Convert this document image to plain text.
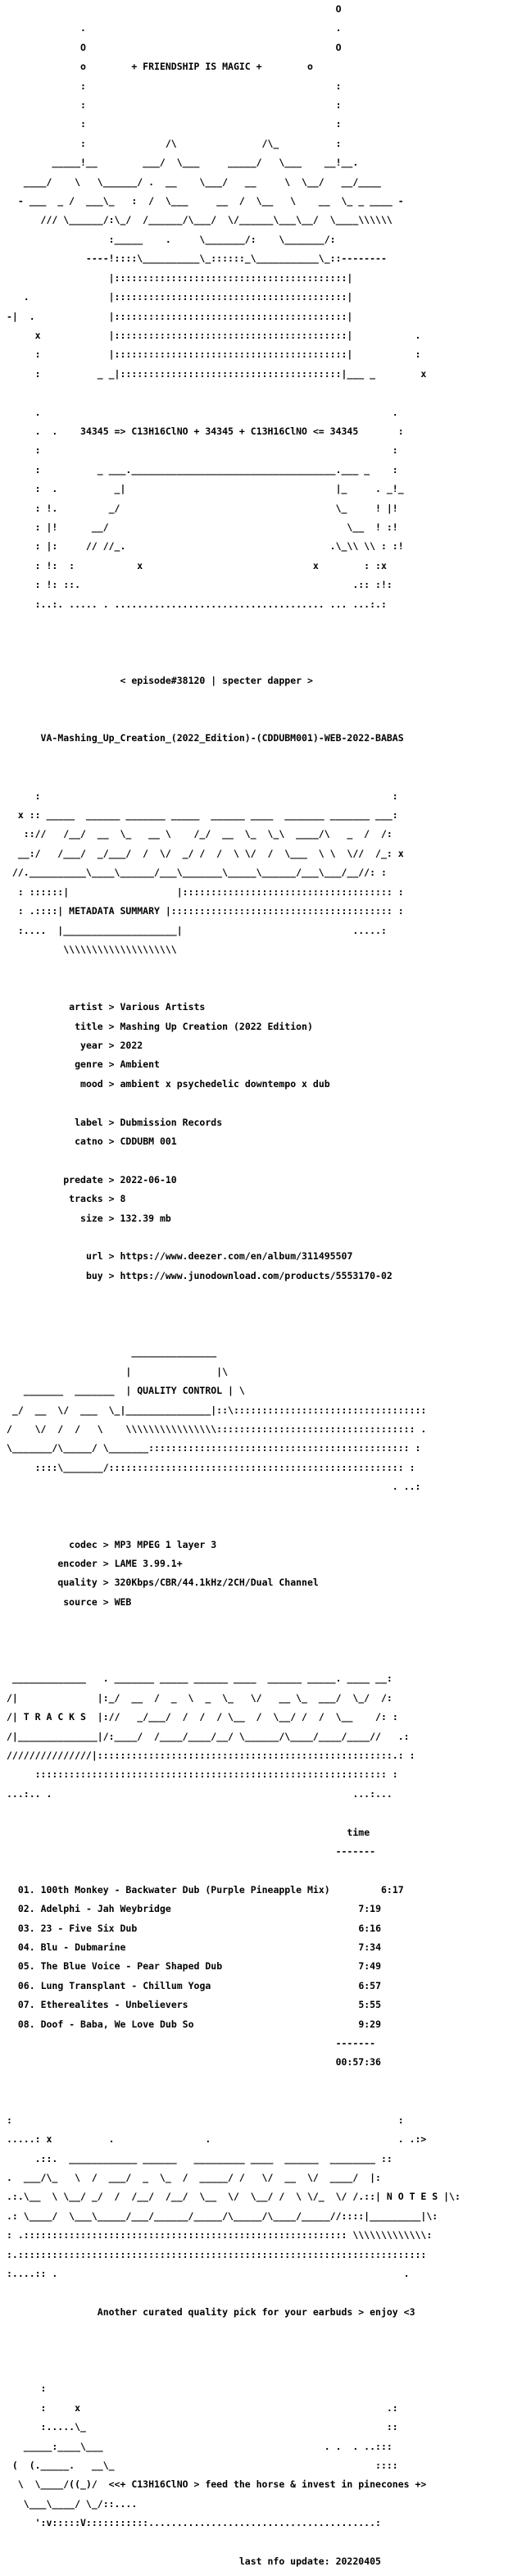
O

.                                            .

O                                            O

o        + FRIENDSHIP IS MAGIC +        o

:                                            :

:                                            :

:                                            :

:              /\               /\_          :

_____!__        ___/  \___     _____/   \___    __!__.

____/    \   \______/ .  __    \___/   __     \  \__/   __/____

- ___  _ /  ___\_   :  /  \___     __  /  \__   \    __  \_ _ ____ -

/// \______/:\_/  /______/\___/  \/______\___\__/  \____\\\\\\

:_____    .     \_______/:    \_______/:

----!::::\__________\_::::::_\___________\_::--------

|:::::::::::::::::::::::::::::::::::::::::|

.              |:::::::::::::::::::::::::::::::::::::::::|

-|  .             |:::::::::::::::::::::::::::::::::::::::::|

x            |:::::::::::::::::::::::::::::::::::::::::|           .

:            |:::::::::::::::::::::::::::::::::::::::::|           :

:          _ _|:::::::::::::::::::::::::::::::::::::::|___ _        x

.                                                              .

.  .    34345 => C13H16ClNO + 34345 + C13H16ClNO <= 34345       :

:                                                              :

:          _ ___.____________________________________.___ _    :

:  .          _|                                     |_     . _!_

: !.         _/                                      \_     ! |!

: |!      __/                                          \__  ! :!

: |:     // //_.                                    .\_\\ \\ : :!

: !:  :           x                              x        : :x

: !: ::.                                                .:: :!:

:..:. ..... . ..................................... ... ...:.:

< episode#38120 | specter dapper >

VA-Mashing_Up_Creation_(2022_Edition)-(CDDUBM001)-WEB-2022-BABAS

:                                                              :

x :: _____  ______ _______ _____  ______ ____  _______ _______ ___:

:://   /__/  __  \_   __ \    /_/  __  \_  \_\  ____/\   _  /  /:

__:/   /___/  _/___/  /  \/  _/ /  /  \ \/  /  \___  \ \  \//  /_: x

//.__________\____\______/___\_______\_____\______/___\___/__//: :

: ::::::|                   |::::::::::::::::::::::::::::::::::::: :

: .::::| METADATA SUMMARY |::::::::::::::::::::::::::::::::::::::: :

:....  |____________________|                              .....:

\\\\\\\\\\\\\\\\\\\\

artist > Various Artists

title > Mashing Up Creation (2022 Edition)

year > 2022

genre > Ambient

mood > ambient x psychedelic downtempo x dub

label > Dubmission Records

catno > CDDUBM 001

predate > 2022-06-10

tracks > 8

size > 132.39 mb

url > https://www.deezer.com/en/album/311495507

buy > https://www.junodownload.com/products/5553170-02

_______________

|               |\

_______  _______  | QUALITY CONTROL | \

_/  __  \/  ___  \_|_______________|::\::::::::::::::::::::::::::::::::::

/    \/  /  /   \    \\\\\\\\\\\\\\\\::::::::::::::::::::::::::::::::::: .

\_______/\_____/ \_______:::::::::::::::::::::::::::::::::::::::::::::: :

::::\_______/:::::::::::::::::::::::::::::::::::::::::::::::::::: :

. ..:

codec > MP3 MPEG 1 layer 3

encoder > LAME 3.99.1+

quality > 320Kbps/CBR/44.1kHz/2CH/Dual Channel

source > WEB

_____________   . _______ _____ ______ ____  ______ _____. ____ __:

/|              |:_/  __  /  _  \  _  \_   \/   __ \_  ___/  \_/  /:

/| T R A C K S  |://   _/___/  /  /  / \__  /  \__/ /  /  \__    /: :

/|______________|/:____/  /____/____/__/ \______/\____/____/____//   .:

///////////////|::::::::::::::::::::::::::::::::::::::::::::::::::::.: :

:::::::::::::::::::::::::::::::::::::::::::::::::::::::::::::: :

...:.. .                                                     ...:...

time

-------

01. 100th Monkey - Backwater Dub (Purple Pineapple Mix)	6:17

02. Adelphi - Jah Weybridge	7:19

03. 23 - Five Six Dub	6:16

04. Blu - Dubmarine	7:34

05. The Blue Voice - Pear Shaped Dub	7:49

06. Lung Transplant - Chillum Yoga	6:57

07. Etherealites - Unbelievers	5:55

08. Doof - Baba, We Love Dub So	9:29

-------

00:57:36

:                                                                    :

.....: x          .                .                                 . .:>

.::.  ____________ ______   _________ ____  ______  ________ ::

.  ___/\_   \  /  ___/  _  \_  /  _____/ /   \/  __  \/  ____/  |:

.:.\__  \ \__/ _/  /  /__/  /__/  \__  \/  \__/ /  \ \/_  \/ /.::| N O T E S |\:

.: \____/  \___\_____/___/______/_____/\_____/\____/_____//::::|_________|\:

: .::::::::::::::::::::::::::::::::::::::::::::::::::::::::: \\\\\\\\\\\\\:

:.::::::::::::::::::::::::::::::::::::::::::::::::::::::::::::::::::::::::

:....:: .                                                             .

Another curated quality pick for your earbuds > enjoy <3

:

:     x                                                      .:

:.....\_                                                     ::

_____:____\___                                       . .  . ..:::

(  (._____.   __\_                                              ::::

\  \____/((_)/  <<+ C13H16ClNO > feed the horse & invest in pinecones +>

\___\____/ \_/::....

':v:::::V:::::::::::........................................:

last nfo update: 20220405
